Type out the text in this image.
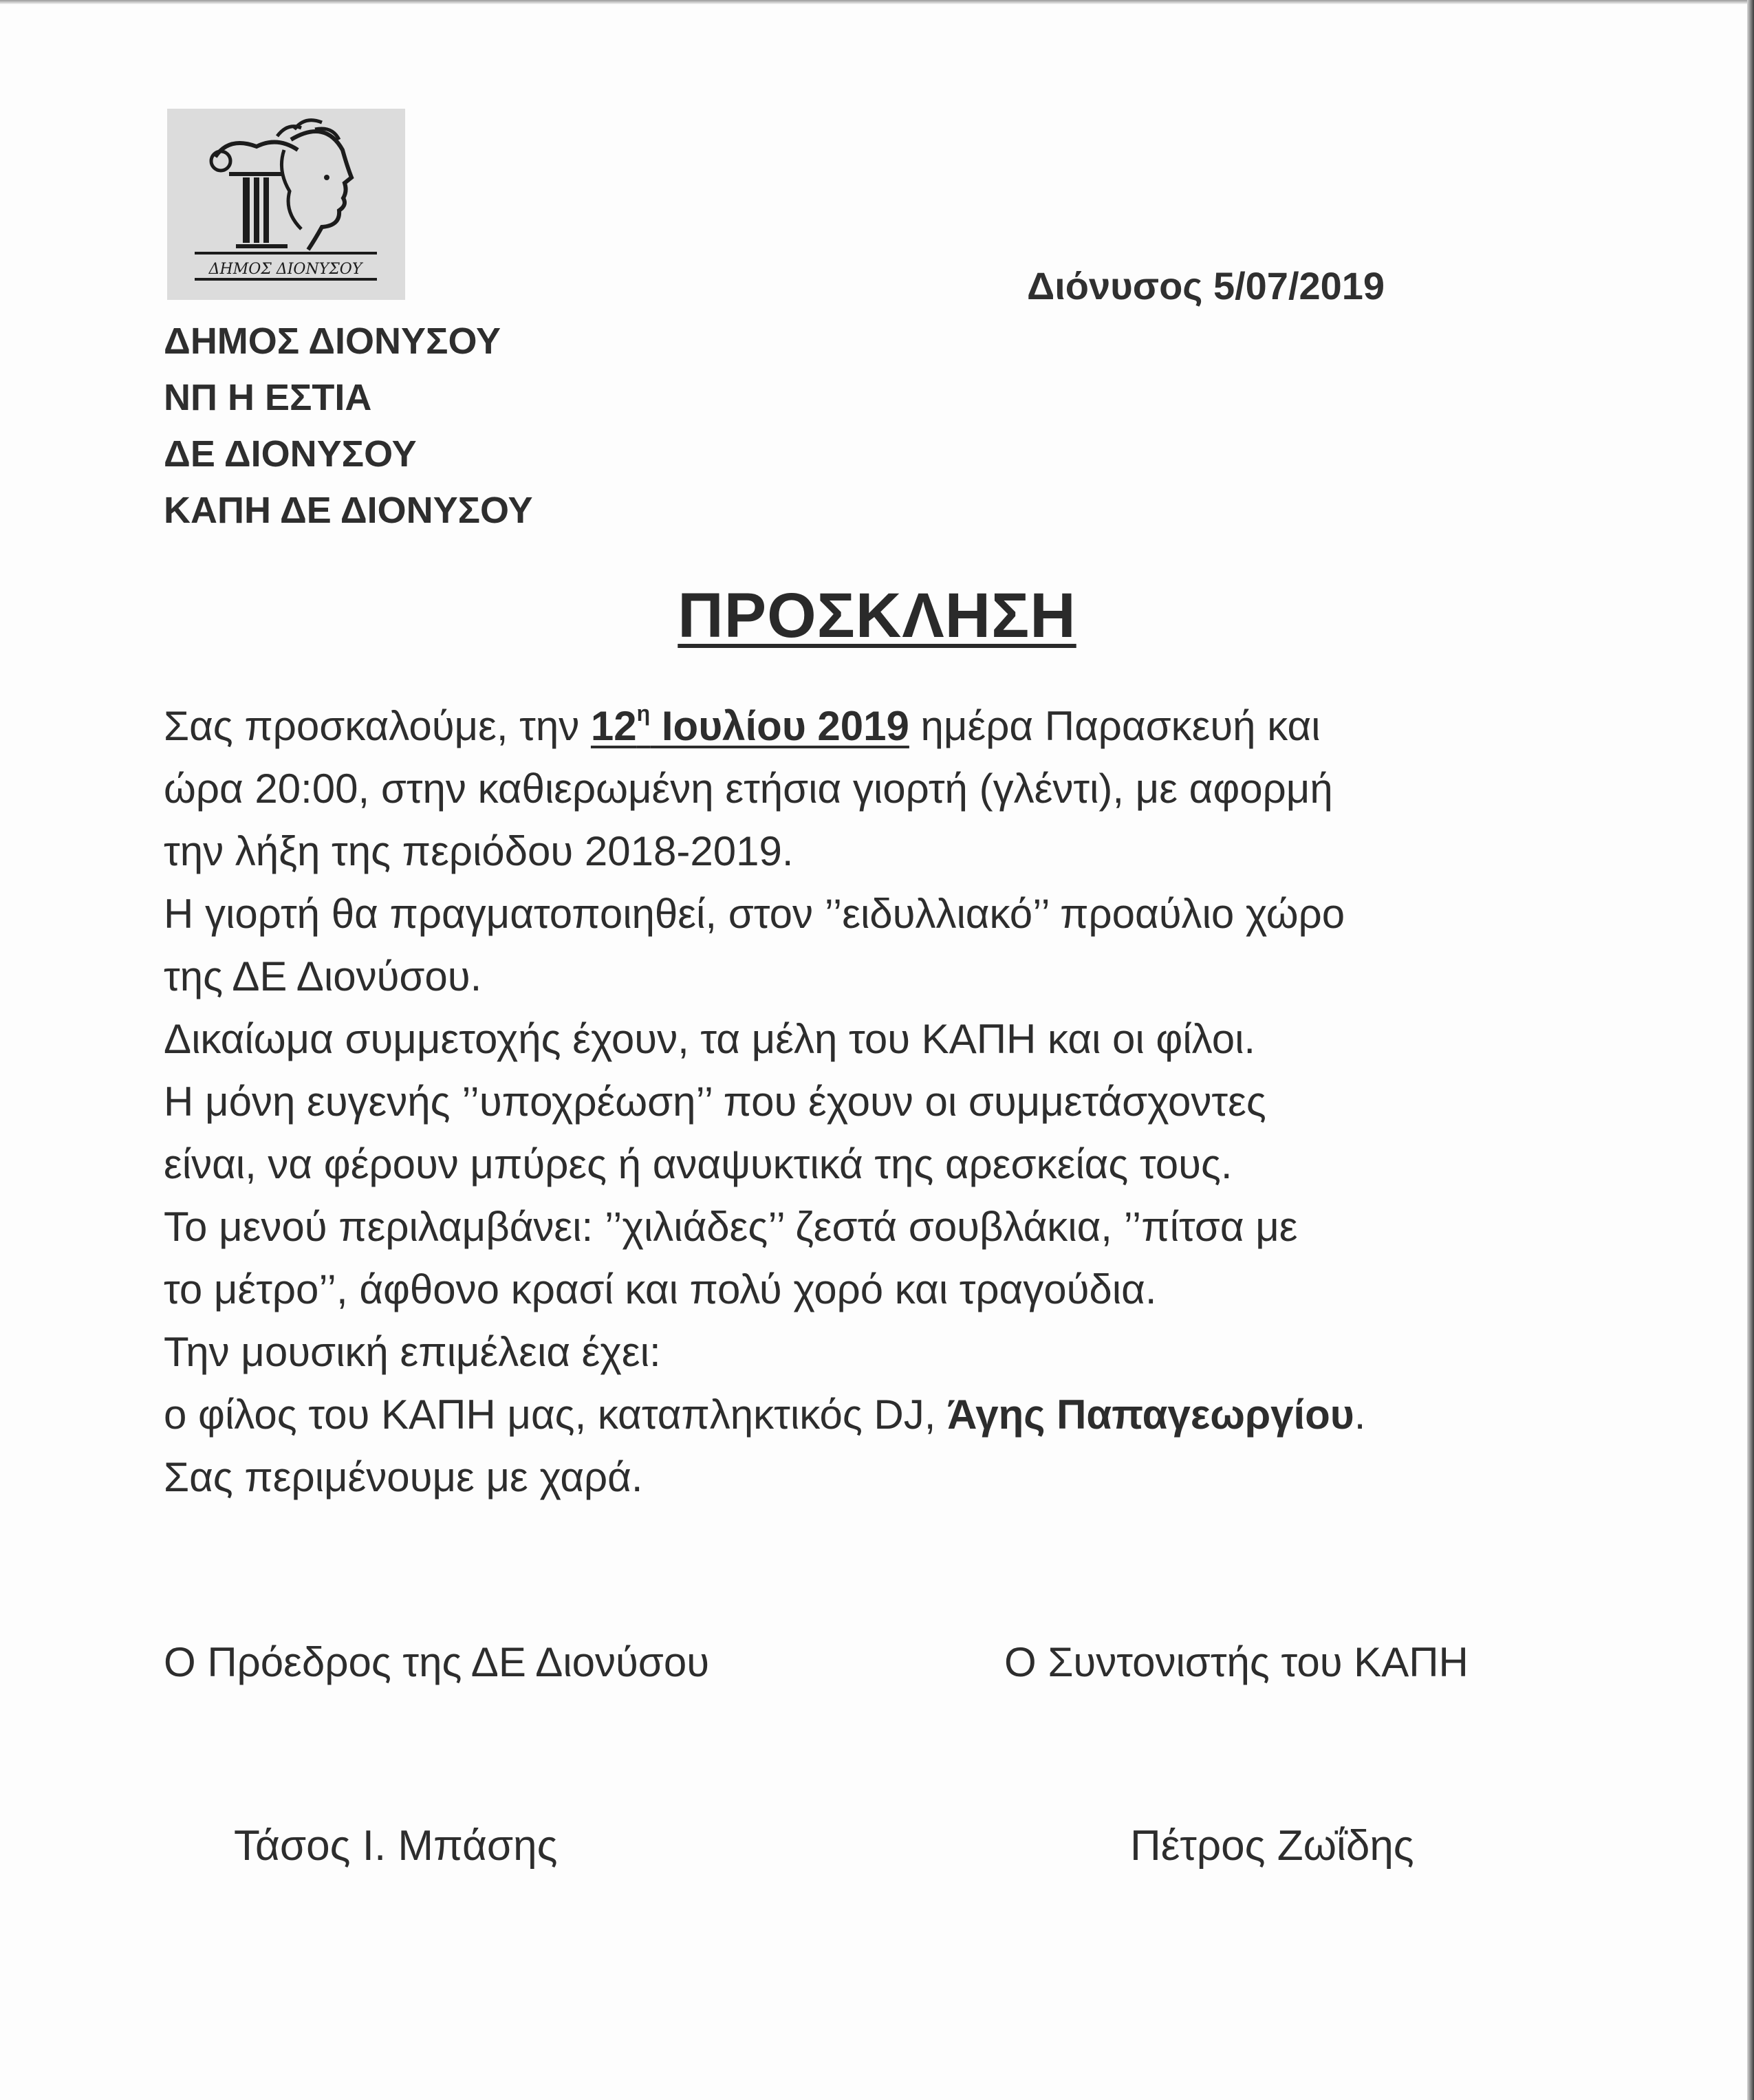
ΔΗΜΟΣ ΔΙΟΝΥΣΟΥ
ΔΗΜΟΣ ΔΙΟΝΥΣΟΥ
ΝΠ Η ΕΣΤΙΑ
ΔΕ ΔΙΟΝΥΣΟΥ
ΚΑΠΗ ΔΕ ΔΙΟΝΥΣΟΥ
Διόνυσος 5/07/2019
ΠΡΟΣΚΛΗΣΗ
Σας προσκαλούμε, την $12^\eta$ Ιουλίου 2019 ημέρα Παρασκευή και
ώρα 20:00, στην καθιερωμένη ετήσια γιορτή (γλέντι), με αφορμή
την λήξη της περιόδου 2018-2019.
Η γιορτή θα πραγματοποιηθεί, στον ’’ειδυλλιακό’’ προαύλιο χώρο
της ΔΕ Διονύσου.
Δικαίωμα συμμετοχής έχουν, τα μέλη του ΚΑΠΗ και οι φίλοι.
Η μόνη ευγενής ’’υποχρέωση’’ που έχουν οι συμμετάσχοντες
είναι, να φέρουν μπύρες ή αναψυκτικά της αρεσκείας τους.
Το μενού περιλαμβάνει: ’’χιλιάδες’’ ζεστά σουβλάκια, ’’πίτσα με
το μέτρο’’, άφθονο κρασί και πολύ χορό και τραγούδια.
Την μουσική επιμέλεια έχει:
ο φίλος του ΚΑΠΗ μας, καταπληκτικός DJ, Άγης Παπαγεωργίου.
Σας περιμένουμε με χαρά.
Ο Πρόεδρος της ΔΕ Διονύσου	Ο Συντονιστής του ΚΑΠΗ
Τάσος Ι. Μπάσης	Πέτρος Ζωΐδης
